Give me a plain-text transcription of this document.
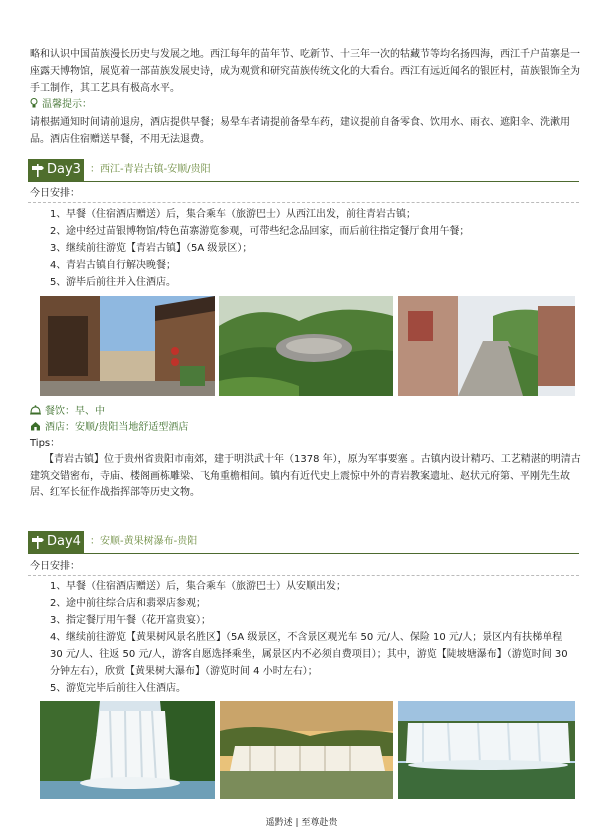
略和认识中国苗族漫长历史与发展之地。西江每年的苗年节、吃新节、十三年一次的牯藏节等均名扬四海，西江千户苗寨是一座露天博物馆，展览着一部苗族发展史诗，成为观赏和研究苗族传统文化的大看台。西江有远近闻名的银匠村，苗族银饰全为手工制作，其工艺具有极高水平。
温馨提示：
请根据通知时间请前退房，酒店提供早餐；易晕车者请提前备晕车药，建议提前自备零食、饮用水、雨衣、遮阳伞、洗漱用品。酒店住宿赠送早餐，不用无法退费。
Day3 ：西江-青岩古镇-安顺/贵阳
今日安排：
1、早餐（住宿酒店赠送）后，集合乘车（旅游巴士）从西江出发，前往青岩古镇；
2、途中经过苗银博物馆/特色苗寨游览参观，可带些纪念品回家，而后前往指定餐厅食用午餐；
3、继续前往游览【青岩古镇】（5A 级景区）；
4、青岩古镇自行解决晚餐；
5、游毕后前往并入住酒店。
餐饮：早、中
酒店：安顺/贵阳当地舒适型酒店
Tips：
【青岩古镇】位于贵州省贵阳市南郊，建于明洪武十年（1378 年），原为军事要塞 。古镇内设计精巧、工艺精湛的明清古建筑交错密布，寺庙、楼阁画栋雕梁、飞角重檐相间。镇内有近代史上震惊中外的青岩教案遗址、赵状元府第、平刚先生故居、红军长征作战指挥部等历史文物。
Day4 ：安顺-黄果树瀑布-贵阳
今日安排：
1、早餐（住宿酒店赠送）后，集合乘车（旅游巴士）从安顺出发；
2、途中前往综合店和翡翠店参观；
3、指定餐厅用午餐（花开富贵宴）；
4、继续前往游览【黄果树风景名胜区】（5A 级景区，不含景区观光车 50 元/人、保险 10 元/人；景区内有扶梯单程 30 元/人、往返 50 元/人，游客自愿选择乘坐，属景区内不必须自费项目）；其中，游览【陡坡塘瀑布】（游览时间 30 分钟左右），欣赏【黄果树大瀑布】（游览时间 4 小时左右）；
5、游览完毕后前往入住酒店。
遥黔述 | 至尊赴贵
